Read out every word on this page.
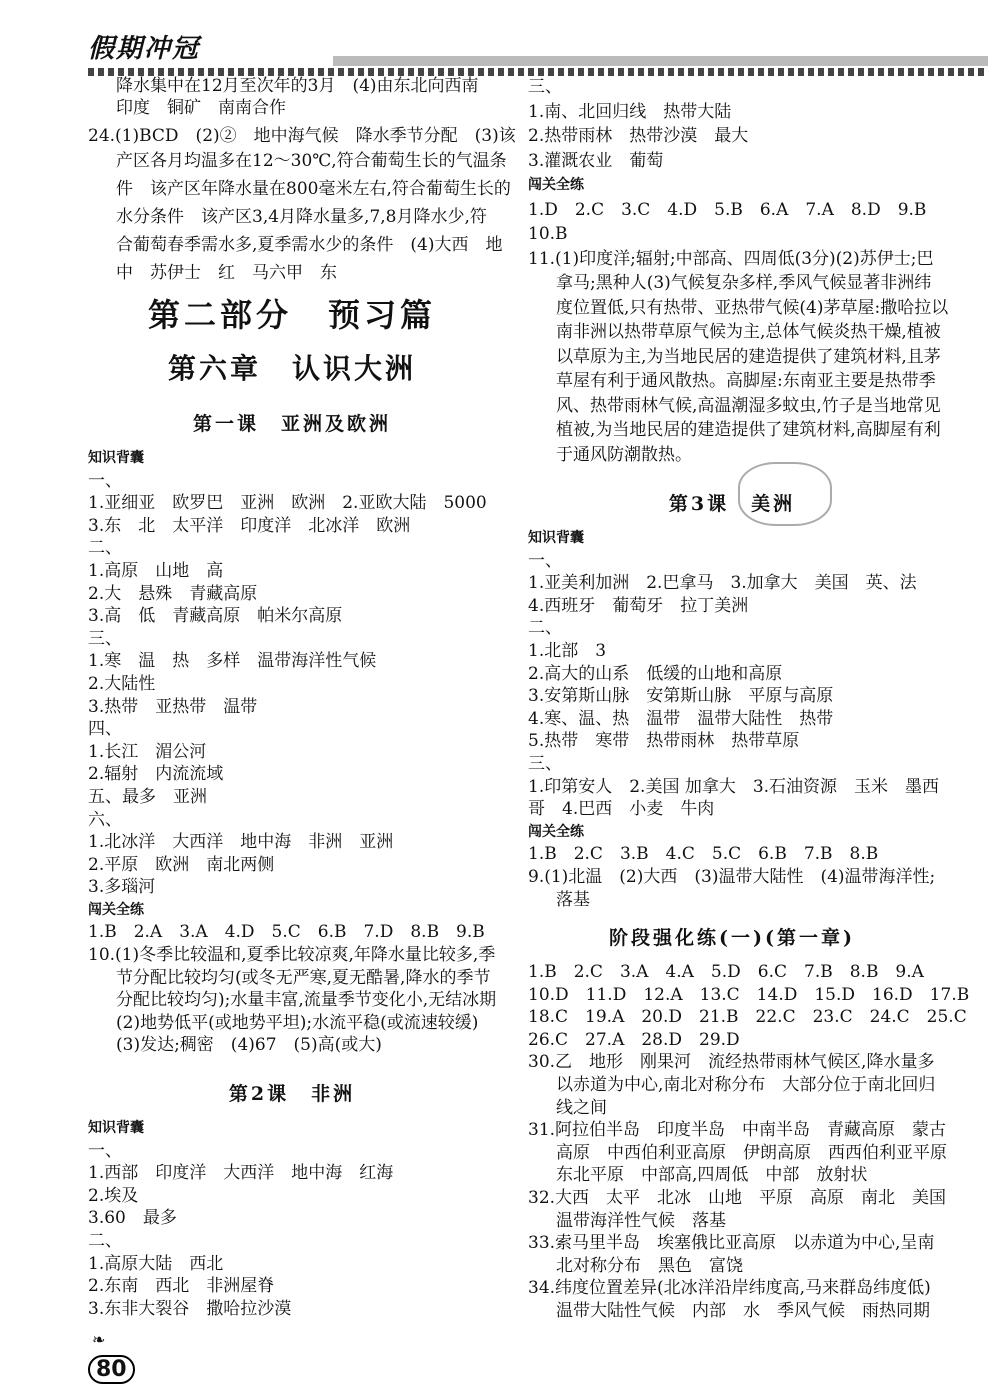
假期冲冠

降水集中在12月至次年的3月　(4)由东北向西南

印度　铜矿　南南合作

24.(1)BCD　(2)②　地中海气候　降水季节分配　(3)该

产区各月均温多在12～30℃,符合葡萄生长的气温条

件　该产区年降水量在800毫米左右,符合葡萄生长的

水分条件　该产区3,4月降水量多,7,8月降水少,符

合葡萄春季需水多,夏季需水少的条件　(4)大西　地

中　苏伊士　红　马六甲　东

第二部分　预习篇
第六章　认识大洲
第一课　亚洲及欧洲

知识背囊

一、

1.亚细亚　欧罗巴　亚洲　欧洲　2.亚欧大陆　5000

3.东　北　太平洋　印度洋　北冰洋　欧洲

二、

1.高原　山地　高

2.大　悬殊　青藏高原

3.高　低　青藏高原　帕米尔高原

三、

1.寒　温　热　多样　温带海洋性气候

2.大陆性

3.热带　亚热带　温带

四、

1.长江　湄公河

2.辐射　内流流域

五、最多　亚洲

六、

1.北冰洋　大西洋　地中海　非洲　亚洲

2.平原　欧洲　南北两侧

3.多瑙河

闯关全练

1.B　2.A　3.A　4.D　5.C　6.B　7.D　8.B　9.B

10.(1)冬季比较温和,夏季比较凉爽,年降水量比较多,季

节分配比较均匀(或冬无严寒,夏无酷暑,降水的季节

分配比较均匀);水量丰富,流量季节变化小,无结冰期

(2)地势低平(或地势平坦);水流平稳(或流速较缓)

(3)发达;稠密　(4)67　(5)高(或大)

第2课　非洲

知识背囊

一、

1.西部　印度洋　大西洋　地中海　红海

2.埃及

3.60　最多

二、

1.高原大陆　西北

2.东南　西北　非洲屋脊

3.东非大裂谷　撒哈拉沙漠

三、

1.南、北回归线　热带大陆

2.热带雨林　热带沙漠　最大

3.灌溉农业　葡萄

闯关全练

1.D　2.C　3.C　4.D　5.B　6.A　7.A　8.D　9.B

10.B

11.(1)印度洋;辐射;中部高、四周低(3分)(2)苏伊士;巴

拿马;黑种人(3)气候复杂多样,季风气候显著非洲纬

度位置低,只有热带、亚热带气候(4)茅草屋:撒哈拉以

南非洲以热带草原气候为主,总体气候炎热干燥,植被

以草原为主,为当地民居的建造提供了建筑材料,且茅

草屋有利于通风散热。高脚屋:东南亚主要是热带季

风、热带雨林气候,高温潮湿多蚊虫,竹子是当地常见

植被,为当地民居的建造提供了建筑材料,高脚屋有利

于通风防潮散热。

第3课　美洲

知识背囊

一、

1.亚美利加洲　2.巴拿马　3.加拿大　美国　英、法

4.西班牙　葡萄牙　拉丁美洲

二、

1.北部　3

2.高大的山系　低缓的山地和高原

3.安第斯山脉　安第斯山脉　平原与高原

4.寒、温、热　温带　温带大陆性　热带

5.热带　寒带　热带雨林　热带草原

三、

1.印第安人　2.美国 加拿大　3.石油资源　玉米　墨西

哥　4.巴西　小麦　牛肉

闯关全练

1.B　2.C　3.B　4.C　5.C　6.B　7.B　8.B

9.(1)北温　(2)大西　(3)温带大陆性　(4)温带海洋性;

落基

阶段强化练(一)(第一章)

1.B　2.C　3.A　4.A　5.D　6.C　7.B　8.B　9.A

10.D　11.D　12.A　13.C　14.D　15.D　16.D　17.B

18.C　19.A　20.D　21.B　22.C　23.C　24.C　25.C

26.C　27.A　28.D　29.D

30.乙　地形　刚果河　流经热带雨林气候区,降水量多

以赤道为中心,南北对称分布　大部分位于南北回归

线之间

31.阿拉伯半岛　印度半岛　中南半岛　青藏高原　蒙古

高原　中西伯利亚高原　伊朗高原　西西伯利亚平原

东北平原　中部高,四周低　中部　放射状

32.大西　太平　北冰　山地　平原　高原　南北　美国

温带海洋性气候　落基

33.索马里半岛　埃塞俄比亚高原　以赤道为中心,呈南

北对称分布　黑色　富饶

34.纬度位置差异(北冰洋沿岸纬度高,马来群岛纬度低)

温带大陆性气候　内部　水　季风气候　雨热同期

❧
80
